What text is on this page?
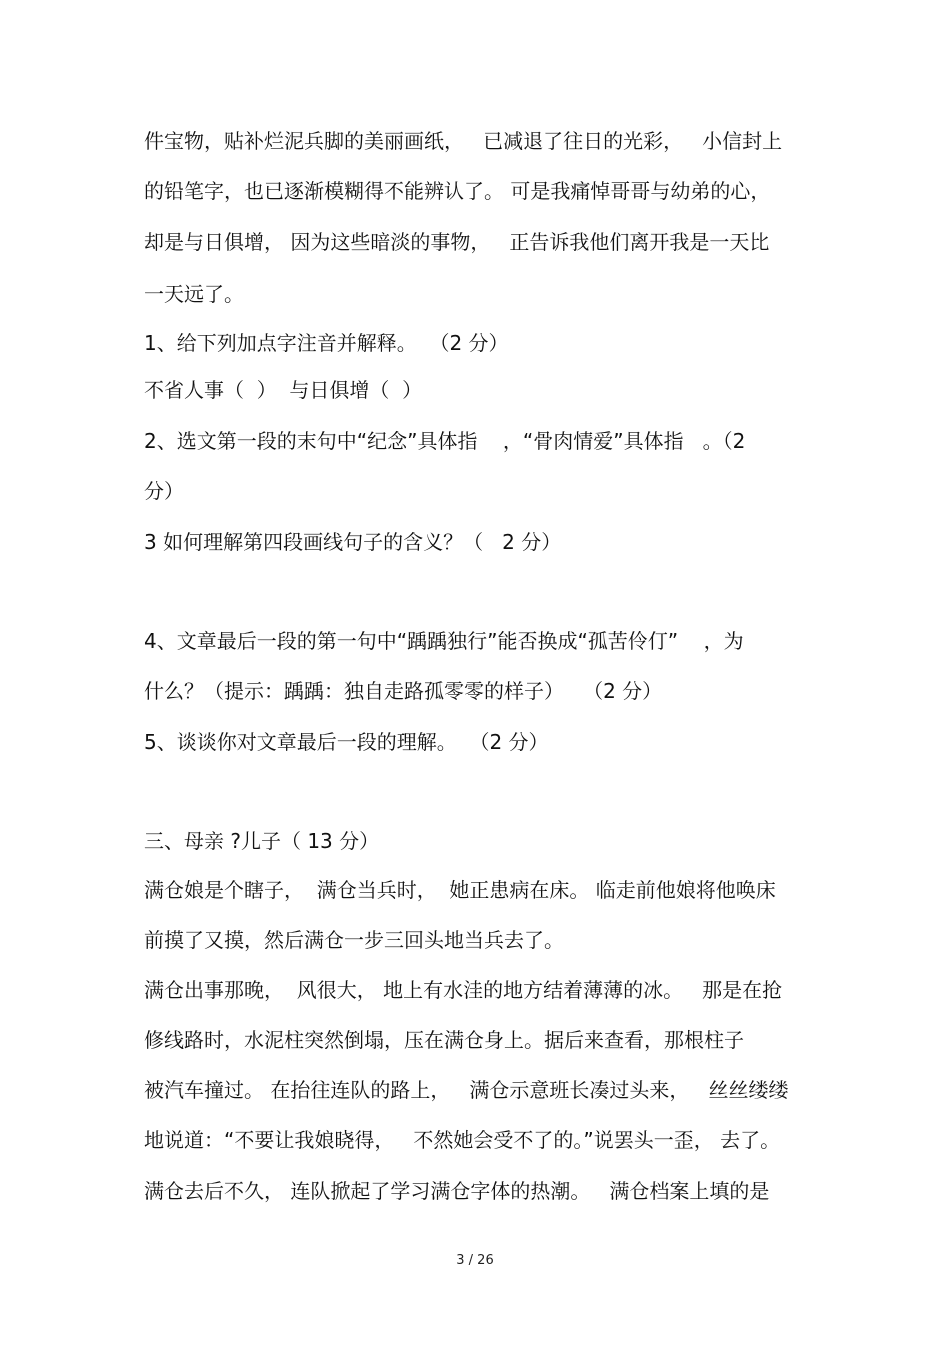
件宝物，贴补烂泥兵脚的美丽画纸，   已减退了往日的光彩，   小信封上

的铅笔字，也已逐渐模糊得不能辨认了。 可是我痛悼哥哥与幼弟的心，

却是与日俱增， 因为这些暗淡的事物，   正告诉我他们离开我是一天比

一天远了。

1、给下列加点字注音并解释。  （2 分）

不省人事（  ）  与日俱增（  ）

2、选文第一段的末句中“纪念”具体指    ，“骨肉情爱”具体指   。（2

分）

3 如何理解第四段画线句子的含义？（   2 分）

4、文章最后一段的第一句中“踽踽独行”能否换成“孤苦伶仃”    ，为

什么？（提示：踽踽：独自走路孤零零的样子）   （2 分）

5、谈谈你对文章最后一段的理解。  （2 分）

三、母亲 ?儿子（ 13 分）

满仓娘是个瞎子，  满仓当兵时，  她正患病在床。 临走前他娘将他唤床

前摸了又摸，然后满仓一步三回头地当兵去了。

满仓出事那晚，  风很大， 地上有水洼的地方结着薄薄的冰。   那是在抢

修线路时，水泥柱突然倒塌，压在满仓身上。据后来查看，那根柱子

被汽车撞过。 在抬往连队的路上，   满仓示意班长凑过头来，   丝丝缕缕

地说道：“不要让我娘晓得，   不然她会受不了的。”说罢头一歪， 去了。

满仓去后不久， 连队掀起了学习满仓字体的热潮。   满仓档案上填的是

3 / 26
